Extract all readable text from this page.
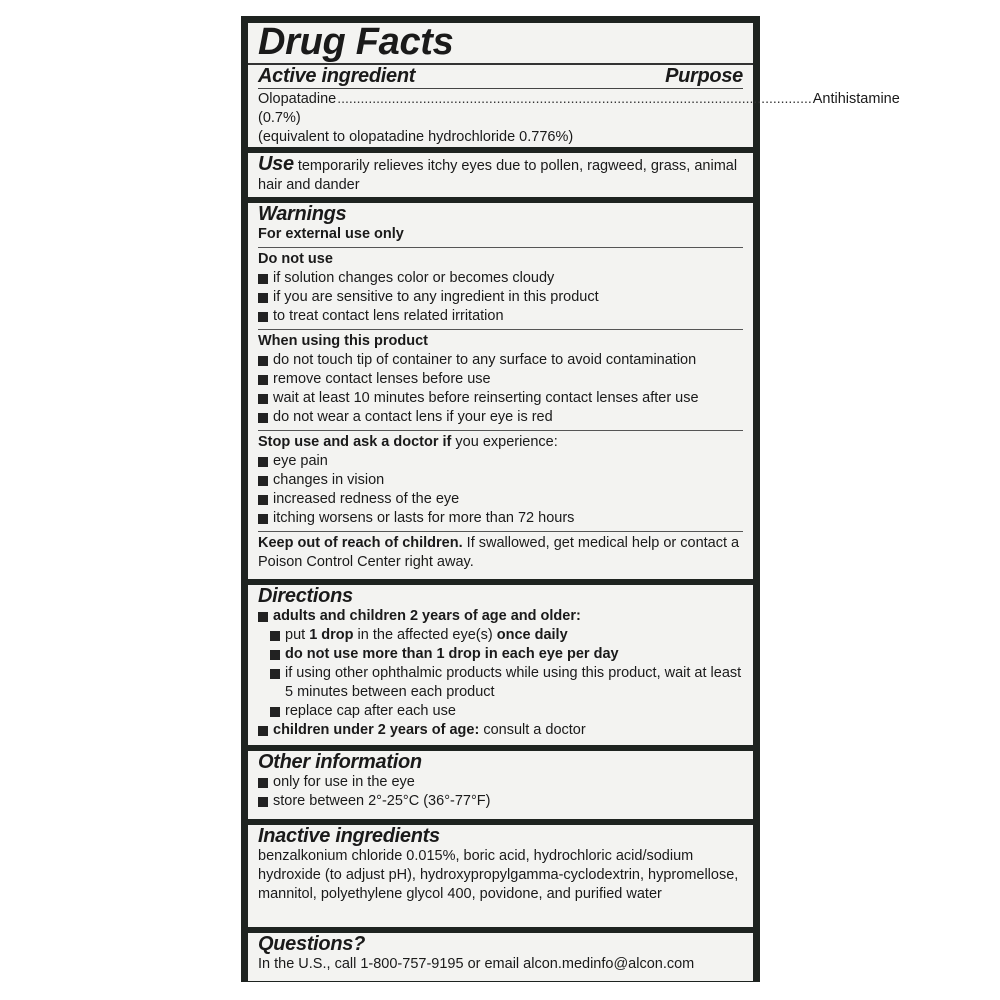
Drug Facts
Active ingredient	Purpose
Olopatadine (0.7%)
.......................................................................................................................... Antihistamine
(equivalent to olopatadine hydrochloride 0.776%)
Use temporarily relieves itchy eyes due to pollen, ragweed, grass, animal hair and dander
Warnings
For external use only
Do not use
if solution changes color or becomes cloudy
if you are sensitive to any ingredient in this product
to treat contact lens related irritation
When using this product
do not touch tip of container to any surface to avoid contamination
remove contact lenses before use
wait at least 10 minutes before reinserting contact lenses after use
do not wear a contact lens if your eye is red
Stop use and ask a doctor if you experience:
eye pain
changes in vision
increased redness of the eye
itching worsens or lasts for more than 72 hours
Keep out of reach of children. If swallowed, get medical help or contact a Poison Control Center right away.
Directions
adults and children 2 years of age and older:
put 1 drop in the affected eye(s) once daily
do not use more than 1 drop in each eye per day
if using other ophthalmic products while using this product, wait at least 5 minutes between each product
replace cap after each use
children under 2 years of age: consult a doctor
Other information
only for use in the eye
store between 2°-25°C (36°-77°F)
Inactive ingredients
benzalkonium chloride 0.015%, boric acid, hydrochloric acid/sodium hydroxide (to adjust pH), hydroxypropylgamma-cyclodextrin, hypromellose, mannitol, polyethylene glycol 400, povidone, and purified water
Questions?
In the U.S., call 1-800-757-9195 or email alcon.medinfo@alcon.com
